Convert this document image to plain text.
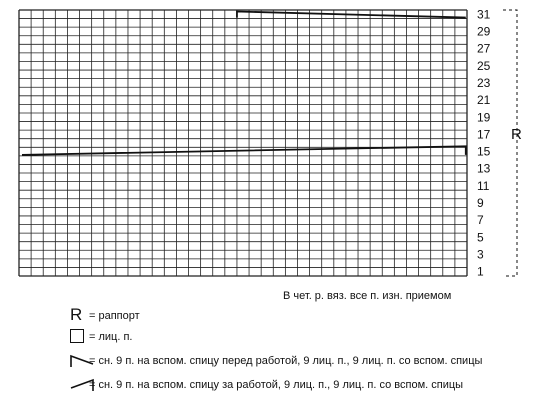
31
29
27
25
23
21
19
17
15
13
11
9
7
5
3
1
R
В чет. р. вяз. все п. изн. приемом
R = раппорт
= лиц. п.
= сн. 9 п. на вспом. спицу перед работой, 9 лиц. п., 9 лиц. п. со вспом. спицы
= сн. 9 п. на вспом. спицу за работой, 9 лиц. п., 9 лиц. п. со вспом. спицы
